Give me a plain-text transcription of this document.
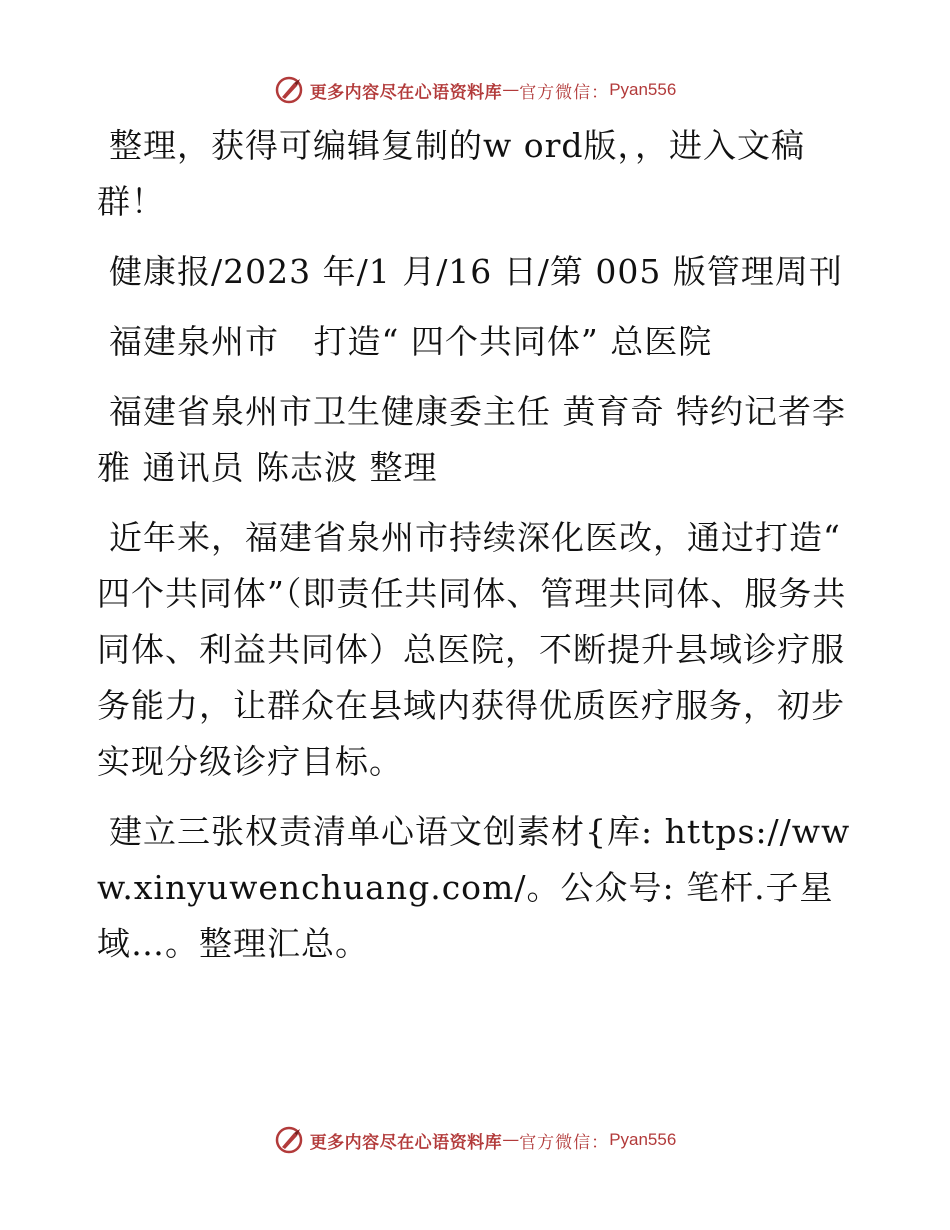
更多内容尽在心语资料库 — 官方微信： Pyan556

整理，获得可编辑复制的w ord版，，进入文稿群！

健康报/2023 年/1 月/16 日/第 005 版管理周刊

福建泉州市   打造“ 四个共同体” 总医院

福建省泉州市卫生健康委主任 黄育奇 特约记者李雅 通讯员 陈志波 整理

近年来，福建省泉州市持续深化医改，通过打造“ 四个共同体”（即责任共同体、管理共同体、服务共同体、利益共同体）总医院，不断提升县域诊疗服务能力，让群众在县域内获得优质医疗服务，初步实现分级诊疗目标。

建立三张权责清单心语文创素材{库: https://www.xinyuwenchuang.com/。公众号: 笔杆.子星域…。整理汇总。

更多内容尽在心语资料库 — 官方微信： Pyan556
